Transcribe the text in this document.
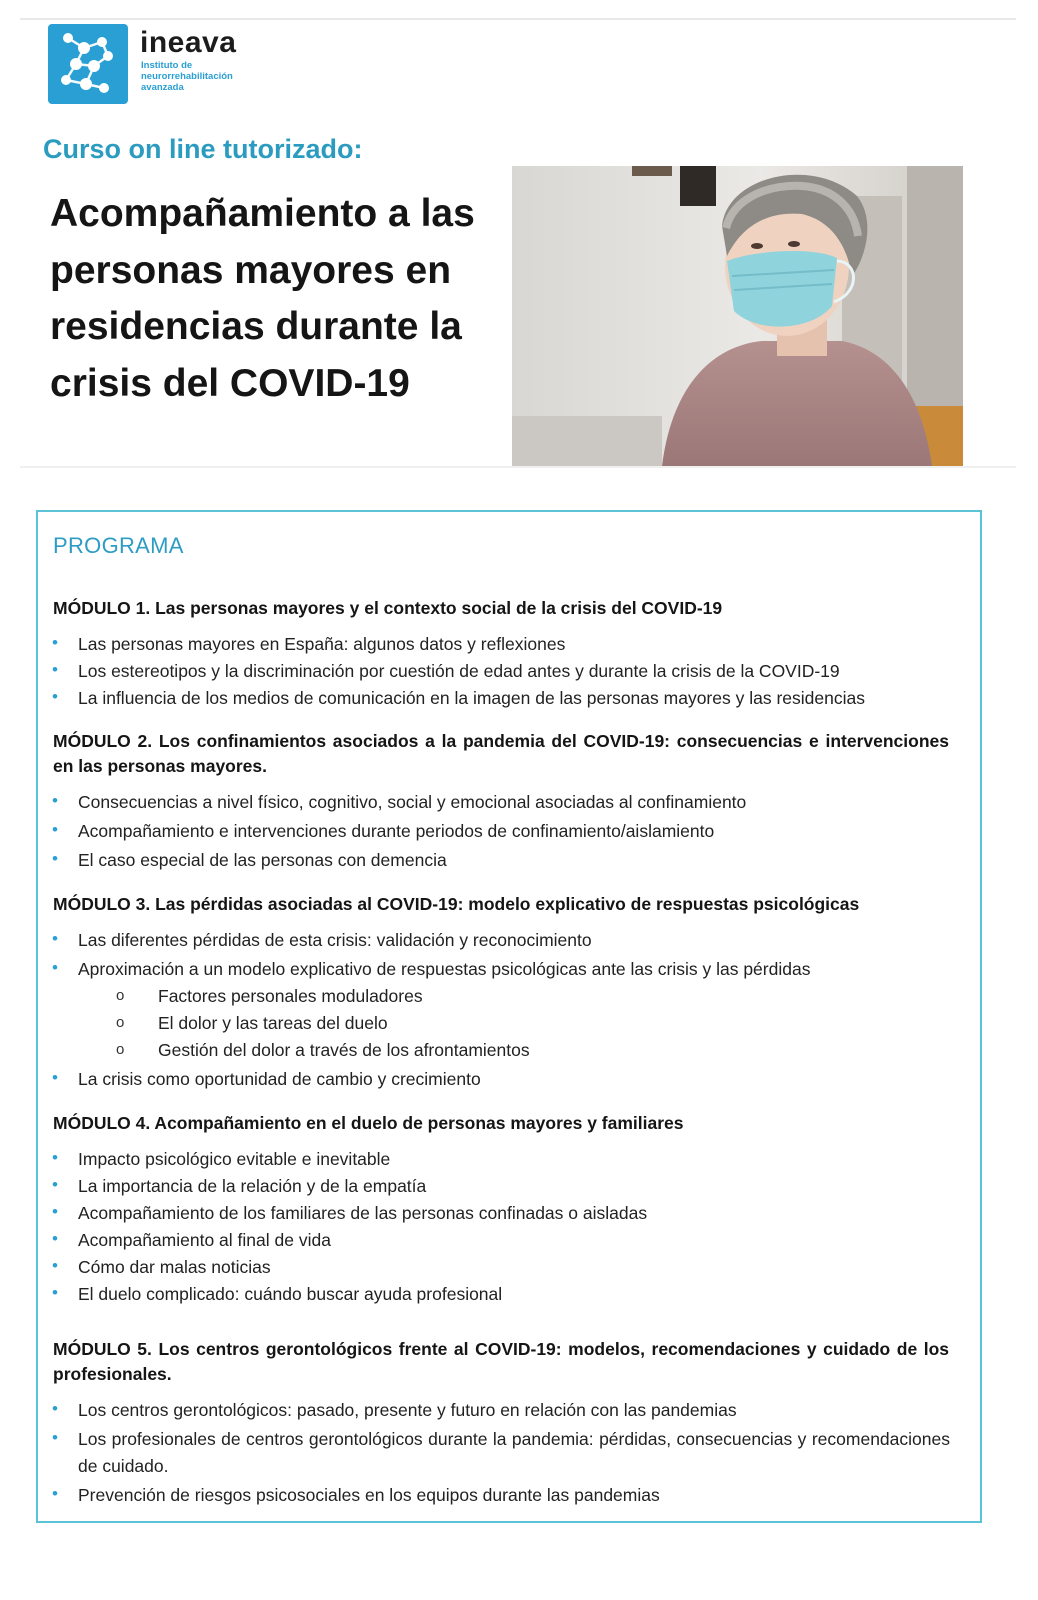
ineava
Instituto de neurorrehabilitación avanzada
Curso on line tutorizado:
Acompañamiento a las personas mayores en residencias durante la crisis del COVID-19
PROGRAMA

MÓDULO 1. Las personas mayores y el contexto social de la crisis del COVID-19

• Las personas mayores en España: algunos datos y reflexiones
• Los estereotipos y la discriminación por cuestión de edad antes y durante la crisis de la COVID-19
• La influencia de los medios de comunicación en la imagen de las personas mayores y las residencias

MÓDULO 2. Los confinamientos asociados a la pandemia del COVID-19: consecuencias e intervenciones en las personas mayores.

• Consecuencias a nivel físico, cognitivo, social y emocional asociadas al confinamiento
• Acompañamiento e intervenciones durante periodos de confinamiento/aislamiento
• El caso especial de las personas con demencia

MÓDULO 3. Las pérdidas asociadas al COVID-19: modelo explicativo de respuestas psicológicas

• Las diferentes pérdidas de esta crisis: validación y reconocimiento
• Aproximación a un modelo explicativo de respuestas psicológicas ante las crisis y las pérdidas
o Factores personales moduladores
o El dolor y las tareas del duelo
o Gestión del dolor a través de los afrontamientos
• La crisis como oportunidad de cambio y crecimiento

MÓDULO 4. Acompañamiento en el duelo de personas mayores y familiares

• Impacto psicológico evitable e inevitable
• La importancia de la relación y de la empatía
• Acompañamiento de los familiares de las personas confinadas o aisladas
• Acompañamiento al final de vida
• Cómo dar malas noticias
• El duelo complicado: cuándo buscar ayuda profesional

MÓDULO 5. Los centros gerontológicos frente al COVID-19: modelos, recomendaciones y cuidado de los profesionales.

• Los centros gerontológicos: pasado, presente y futuro en relación con las pandemias
• Los profesionales de centros gerontológicos durante la pandemia: pérdidas, consecuencias y recomendaciones de cuidado.
• Prevención de riesgos psicosociales en los equipos durante las pandemias
